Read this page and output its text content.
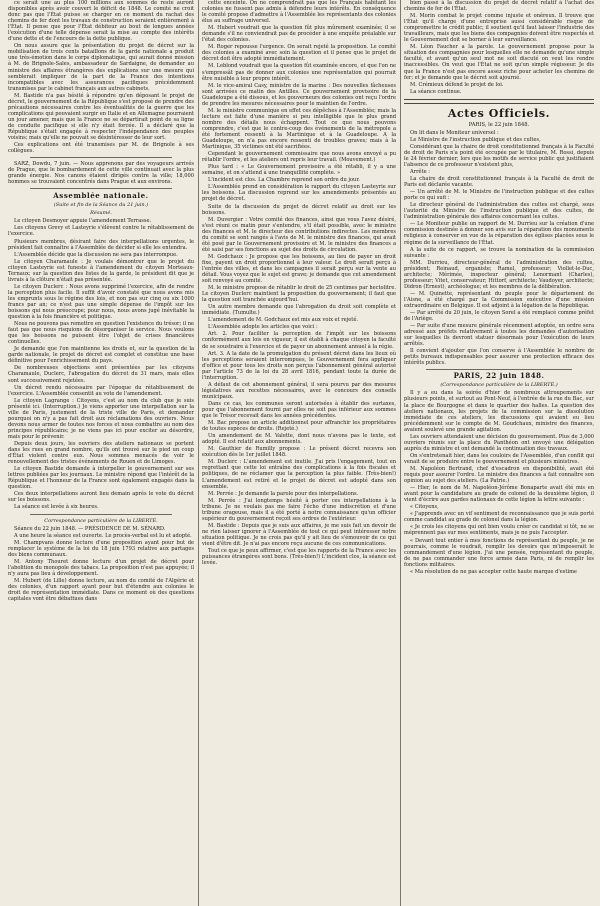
ce serait une au plus 100 millions aux sommes de reste auront disponibles après avoir couvert le déficit de 1848. Le comité ne croit donc pas que l'État puisse se charger en ce moment du rachat des chemins de fer dont les travaux de construction seraient entièrement à l'État. Il pense que pour l'État débiteur au bout de longues années l'exécution d'une telle dépense serait la mise au compte des intérêts d'une dette et de l'encours de la dette publique.

On nous assure que la présentation du projet de décret sur la mobilisation de trois cents bataillons de la garde nationale a produit une très-émotion dans le corps diplomatique, qui aurait donné mission à M. de Brignole-Sales, ambassadeur de Sardaigne, de demander au ministre des affaires étrangères des explications sur une mesure qui semblerait impliquer de la part de la France des intentions incompatibles avec les assurances pacifiques précédemment transmises par le cabinet français aux autres cabinets.

M. Bastide n'a pas hésité à répondre qu'en déposant le projet de décret, le gouvernement de la République s'est proposé de prendre des précautions nécessaires contre les éventualités de la guerre que les complications qui pouvaient surgir en Italie et en Allemagne pourraient un jour amener, mais que la France ne se départirait point de sa ligne de conduite pacifique si elle n'y était forcée. Il a déclaré que la République s'était engagée à respecter l'indépendance des peuples voisins; mais qu'elle ne pouvait se désintéresser de leur sort.

Ces explications ont été transmises par M. de Brignole à ses collègues.

SARZ, Dowdu, 7 juin. — Nous apprenons par des voyageurs arrivés de Prague, que le bombardement de cette ville continuait avec la plus grande énergie. Nos canons étaient dirigés contre la ville; 18,000 hommes se trouvaient concentrés dans Prague et aux environs.

Assemblée nationale.
(Suite et fin de la Séance du 21 juin.)
Résumé.

Le citoyen Desmoyer appuie l'amendement Terrasse.

Les citoyens Grevy et Lasteyrie s'élèvent contre le rétablissement de l'exercice.

Plusieurs membres, désirant faire des interpellations urgentes, le président fait connaître à l'Assemblée de décider si elle les entendra.

L'Assemblée décide que la discussion ne sera pas interrompue.

Le citoyen Charamaule : Je voulais démontrer que le projet du citoyen Lasteyrie est funeste à l'amendement du citoyen Morteaux-Ternaux; sur la question des listes de la garde, le président dit que je livrais à la clôture n'était pas présentée.

Le citoyen Duclerc : Nous avons supprimé l'exercice, afin de rendre la perception plus facile. Il suffit d'avoir constaté que nous avons mis les emprunts sous le régime des lois, et non pas sur cinq ou six 1000 francs par an; ce n'est pas une simple dépense de l'impôt sur les boissons qui nous préoccupe; pour nous, nous avons jugé inévitable la question à la fois financière et politique.

Nous ne pouvons pas remettre en question l'existence du trésor; il ne faut pas que nous risquions de désorganiser le service. Nous voulons que les boissons ne puissent être l'objet de crises financières continuelles.

Je demande que l'on maintienne les droits et, sur la question de la garde nationale, le projet de décret est complet et constitue une base définitive pour l'enrichissement du pays.

De nombreuses objections sont présentées par les citoyens Charamaule, Duclerc, l'abrogation du décret du 31 mars, mais elles sont successivement rejetées.

Un décret rendu nécessaire par l'époque du rétablissement de l'exercice. L'Assemblée consentit au vote de l'amendement.

Le citoyen Lagrange : Citoyens, c'est au nom du club que je suis présenté ici. (Interruption.) Je viens apporter une interpellation sur la ville de Paris, justement de la triste ville de Paris, et demander pourquoi on n'y a pas fait droit aux réclamations des ouvriers. Nous devons nous armer de toutes nos forces et nous combattre au nom des principes républicains; je ne viens pas ici pour exciter au désordre, mais pour le prévenir.

Depuis deux jours, les ouvriers des ateliers nationaux se portent dans les rues en grand nombre, qu'ils ont trouvé sur le pied un coup d'État violent contre eux. Nous sommes menacés de voir le renouvellement des tristes événements de Rouen et de Limoges.

Le citoyen Bastide demande à interpeller le gouvernement sur ses lettres publiées par les journaux. Le ministre répond que l'intérêt de la République et l'honneur de la France sont également engagés dans la question.

Ces deux interpellations auront lieu demain après le vote du décret sur les boissons.

La séance est levée à six heures.

Correspondance particulière de la LIBERTÉ.

Séance du 22 juin 1848. — PRÉSIDENCE DE M. SÉNARD.

A une heure la séance est ouverte. Le procès-verbal est lu et adopté.

M. Champvans donne lecture d'une proposition ayant pour but de remplacer le système de la loi du 18 juin 1793 relative aux partages des biens communaux.

M. Antony Thouret donne lecture d'un projet de décret pour l'abolition du monopole des tabacs. La proposition n'est pas appuyée; il n'y aura pas lieu à développement.

M. Hubert (de Lille) donne lecture, au nom du comité de l'Algérie et des colonies, d'un rapport ayant pour but d'étendre aux colonies le droit de représentation immédiate. Dans ce moment où des questions capitales vont être débattues dans

cette enceinte. On ne comprendrait pas que les Français habitant les colonies ne fussent pas admis à défendre leurs intérêts. En conséquence le comité propose d'admettre à l'Assemblée les représentants des colonies élus au suffrage universel.

M. Hubert voudrait que la question fût plus mûrement examinée; il se demande s'il ne conviendrait pas de procéder à une enquête préalable sur l'état des colonies.

M. Roger repousse l'urgence. On serait rejeté la proposition. Le comité des colonies a examiné avec soin la question et il pense que le projet de décret doit être adopté immédiatement.

M. Leblond voudrait que la question fût examinée encore, et que l'on ne s'empressât pas de donner aux colonies une représentation qui pourrait être nuisible à leur propre intérêt.

M. le vice-amiral Casy, ministre de la marine : Des nouvelles fâcheuses sont arrivées ce matin des Antilles. Ce gouvernement provisoire de la Guadeloupe a été dissous, et les gouverneurs des colonies ont reçu l'ordre de prendre les mesures nécessaires pour le maintien de l'ordre.

M. le ministre communique en effet ces dépêches à l'Assemblée; mais la lecture est faite d'une manière si peu intelligible que le plus grand nombre des détails nous échappent. Tout ce que nous pouvons comprendre, c'est que le contre-coup des événements de la métropole a été fortement ressenti à la Martinique et à la Guadeloupe. A la Guadeloupe, on n'a pas encore ressenti de troubles graves; mais à la Martinique, 35 victimes ont été sacrifiées.

Cependant le gouvernement commissaire que nous avons envoyé a pu rétablir l'ordre, et les ateliers ont repris leur travail. (Mouvement.)

Plus tard : « Le Gouvernement provisoire a été rétabli, il y a une semaine, et on s'attend à une tranquillité complète. »

L'incident est clos. La Chambre reprend son ordre du jour.

L'Assemblée prend en considération le rapport du citoyen Lasteyrie sur les boissons. La discussion reprend sur les amendements présentés au projet de décret.

Suite de la discussion du projet de décret relatif au droit sur les boissons.

M. Duvergier : Votre comité des finances, ainsi que vous l'avez désiré, s'est réuni ce matin pour s'entendre, s'il était possible, avec le ministre des finances et M. le directeur des contributions indirectes. Les membres du comité se sont rangés à l'avis de M. le ministre des finances, qui avait été posé par le Gouvernement provisoire et M. le ministre des finances a été saisi par ses fonctions au sujet des droits de circulation.

M. Godchaux : Je propose que les boissons, au lieu de payer un droit fixe, payent un droit proportionnel à leur valeur. Le droit serait perçu à l'entrée des villes, et dans les campagnes il serait perçu sur la vente au détail. Vous voyez que le sujet est grave; je demande que cet amendement soit renvoyé au comité.

M. le ministre propose de rétablir le droit de 25 centimes par hectolitre. Le citoyen Duclerc maintient la proposition du gouvernement; il faut que la question soit tranchée aujourd'hui.

Un autre membre demande que l'abrogation du droit soit complète et immédiate. (Tumulte.)

L'amendement de M. Godchaux est mis aux voix et rejeté.

L'Assemblée adopte les articles que voici :

Art. 2. Pour faciliter la perception de l'impôt sur les boissons conformément aux lois en vigueur, il est établi à chaque citoyen la faculté de se soustraire à l'exercice et de payer un abonnement annuel à la régie.

Art. 3. A la date de la promulgation du présent décret dans les lieux où les perceptions seraient interrompues, le Gouvernement fera appliquer d'office et pour tous les droits non perçus l'abonnement général autorisé par l'article 73 de la loi du 28 avril 1816, pendant toute la durée de l'interruption.

A défaut de cet abonnement général, il sera pourvu par des mesures législatives aux recettes nécessaires, avec le concours des conseils municipaux.

Dans ce cas, les communes seront autorisées à établir des surtaxes, pour que l'abonnement fourni par elles ne soit pas inférieur aux sommes que le Trésor recevait dans les années précédentes.

M. Bac propose un article additionnel pour affranchir les propriétaires de toutes espèces de droits. (Rejeté.)

Un amendement de M. Valette, dont nous n'avons pas le texte, est adopté. Il est relatif aux abonnements.

M. Gauthier de Rumilly propose : Le présent décret recevra son exécution dès le 1er juillet 1848.

M. Duclerc : L'amendement est inutile. J'ai pris l'engagement, tout en regrettant que cette loi entraîne des complications à la fois fiscales et politiques, de ne réclamer que la perception la plus faible. (Très-bien!) L'amendement est retiré et le projet de décret est adopté dans son ensemble.

M. Perrée : Je demande la parole pour des interpellations.

M. Perrée : J'ai longtemps hésité à porter ces interpellations à la tribune. Je ne voulais pas me faire l'écho d'une indiscrétion et d'une tribune orageuse, mais il a été porté à notre connaissance qu'un officier supérieur du gouvernement reçoit ses ordres de l'extérieur.

M. Bastide : Depuis que je suis aux affaires, je me suis fait un devoir de ne rien laisser ignorer à l'Assemblée de tout ce qui peut intéresser notre situation politique. Je ne crois pas qu'il y ait lieu de s'émouvoir de ce qui vient d'être dit. Je n'ai pas encore reçu aucune de ces communications.

Tout ce que je peux affirmer, c'est que les rapports de la France avec les puissances étrangères sont bons. (Très-bien!) L'incident clos, la séance est levée.

bien passé à la discussion du projet de décret relatif à l'achat des chemins de fer de l'État.

M. Morin combat le projet comme injuste et onéreux. Il trouve que l'État qu'il charge d'une entreprise aussi considérable risque de compromettre le crédit public; il soutient qu'il faut laisser l'industrie des travailleurs, mais que les biens des compagnies doivent être respectés et le Gouvernement doit se borner à leur surveillance.

M. Léon Faucher a la parole. Le gouvernement propose pour la situation des compagnies pour lesquelles elle ne demande qu'une simple faculté, et avant qu'un seul mot ne soit discuté on veut les rendre inaccessibles. On veut que l'État ne soit qu'un simple régisseur. Je dis que la France n'est pas encore assez riche pour acheter les chemins de fer; et je demande que le décret soit ajourné.

M. Crémieux défend le projet de loi.

La séance continue.

Actes Officiels.
PARIS, le 22 juin 1848.

On lit dans le Moniteur universel :

Le Ministre de l'instruction publique et des cultes,

Considérant que la chaire de droit constitutionnel français à la Faculté de droit de Paris n'a point été occupée par le titulaire, M. Rossi, depuis le 24 février dernier; lors que les motifs de service public qui justifiaient l'absence de ce professeur n'existent plus,

Arrête :

La chaire de droit constitutionnel français à la Faculté de droit de Paris est déclarée vacante.

— Un arrêté de M. le Ministre de l'instruction publique et des cultes porte ce qui suit :

Le directeur général de l'administration des cultes est chargé, sous l'autorité du Ministre de l'instruction publique et des cultes, de l'administration générale des affaires concernant les cultes.

— Le Moniteur publie un rapport de M. Durrieu sur la création d'une commission destinée à donner son avis sur la réparation des monuments religieux à conserver en vue de la réparation des églises placées sous le régime de la surveillance de l'État.

A la suite de ce rapport, se trouve la nomination de la commission suivante :

MM. Durrieu, directeur-général de l'administration des cultes, président; Reinaud, organiste; Ramel, professeur; Viollet-le-Duc, architecte; Mérimée, inspecteur général; Lenormant (Charles), professeur; Vitet, conservateur; Hittorf, architecte; Vaudoyer, architecte; Didron (Ernest), archéologue; et les membres de la délibération.

— M. Quinette, représentant du peuple pour le département de l'Aisne, a été chargé par la Commission exécutive d'une mission extraordinaire en Belgique. Il est adjoint à la légation de la République.

— Par arrêté du 20 juin, le citoyen Sorel a été remplacé comme préfet de l'Ariège.

— Par suite d'une mesure générale récemment adoptée, un ordre sera adressé aux préfets relativement à toutes les demandes d'autorisation sur lesquelles ils devront statuer désormais pour l'exécution de leurs arrêtés.

Il convient d'ajouter que l'on conserve à l'Assemblée le nombre de petits bureaux indispensables pour assurer une protection efficace des intérêts publics.

PARIS, 22 juin 1848.
(Correspondance particulière de la LIBERTÉ.)

Il y a eu dans la soirée d'hier de nombreux attroupements sur plusieurs points, et surtout au Pont-Neuf, à l'entrée de la rue du Bac, sur la place de Bourgogne et dans le quartier des halles. La question des ateliers nationaux, les projets de la commission sur la dissolution immédiate de ces ateliers, les discussions qui avaient eu lieu précédemment sur le compte de M. Goudchaux, ministre des finances, avaient soulevé une grande agitation.

Les ouvriers attendaient une décision du gouvernement. Plus de 3,000 ouvriers réunis sur la place du Panthéon ont envoyé une délégation auprès du ministre et ont demandé la continuation des travaux.

On s'entretenait hier, dans les couloirs de l'Assemblée, d'un conflit qui venait de se produire entre le gouvernement et plusieurs ministres.

M. Napoléon Bertrand, chef d'escadron en disponibilité, avait été requis pour assurer l'ordre. Le ministre des finances a fait connaître son opinion au sujet des ateliers. (La Patrie.)

— Hier, le nom de M. Napoléon-Jérôme Bonaparte avait été mis en avant pour la candidature au grade de colonel de la deuxième légion, il vient d'écrire aux gardes nationaux de cette légion la lettre suivante :

« Citoyens,

« J'apprends avec un vif sentiment de reconnaissance que je suis porté comme candidat au grade de colonel dans la légion.

« Je crois les citoyens qui ont bien voulu créer ce candidat si tôt, ne se méprennent pas sur mes sentiments, mais je ne puis l'accepter.

« Devant tout entier à mes fonctions de représentant du peuple, je ne pourrais, comme le voudrait, remplir les devoirs que m'imposerait le commandement d'une légion. J'ai une pensée, représentant du peuple, de ne pas commander une force armée dans Paris, ni de remplir les fonctions militaires.

« Ma résolution de ne pas accepter cette haute marque d'estime
